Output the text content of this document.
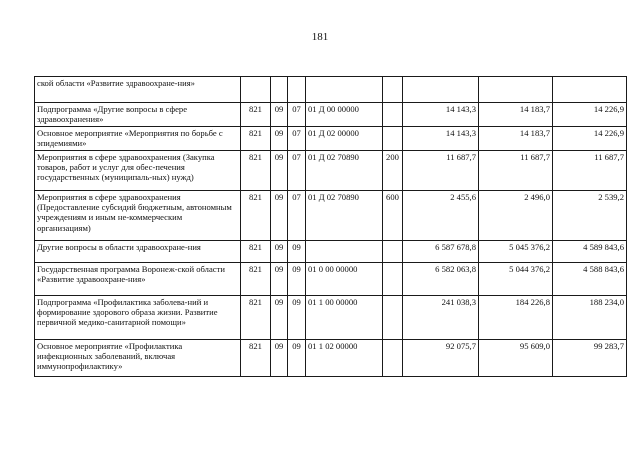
181
ской области «Развитие здравоохране-ния»								
Подпрограмма «Другие вопросы в сфере здравоохранения»	821	09	07	01 Д 00 00000		14 143,3	14 183,7	14 226,9
Основное мероприятие «Мероприятия по борьбе с эпидемиями»	821	09	07	01 Д 02 00000		14 143,3	14 183,7	14 226,9
Мероприятия в сфере здравоохранения (Закупка товаров, работ и услуг для обес-печения государственных (муниципаль-ных) нужд)	821	09	07	01 Д 02 70890	200	11 687,7	11 687,7	11 687,7
Мероприятия в сфере здравоохранения (Предоставление субсидий бюджетным, автономным учреждениям и иным не-коммерческим организациям)	821	09	07	01 Д 02 70890	600	2 455,6	2 496,0	2 539,2
Другие вопросы в области здравоохране-ния	821	09	09			6 587 678,8	5 045 376,2	4 589 843,6
Государственная программа Воронеж-ской области «Развитие здравоохране-ния»	821	09	09	01 0 00 00000		6 582 063,8	5 044 376,2	4 588 843,6
Подпрограмма «Профилактика заболева-ний и формирование здорового образа жизни. Развитие первичной медико-санитарной помощи»	821	09	09	01 1 00 00000		241 038,3	184 226,8	188 234,0
Основное мероприятие «Профилактика инфекционных заболеваний, включая иммунопрофилактику»	821	09	09	01 1 02 00000		92 075,7	95 609,0	99 283,7
